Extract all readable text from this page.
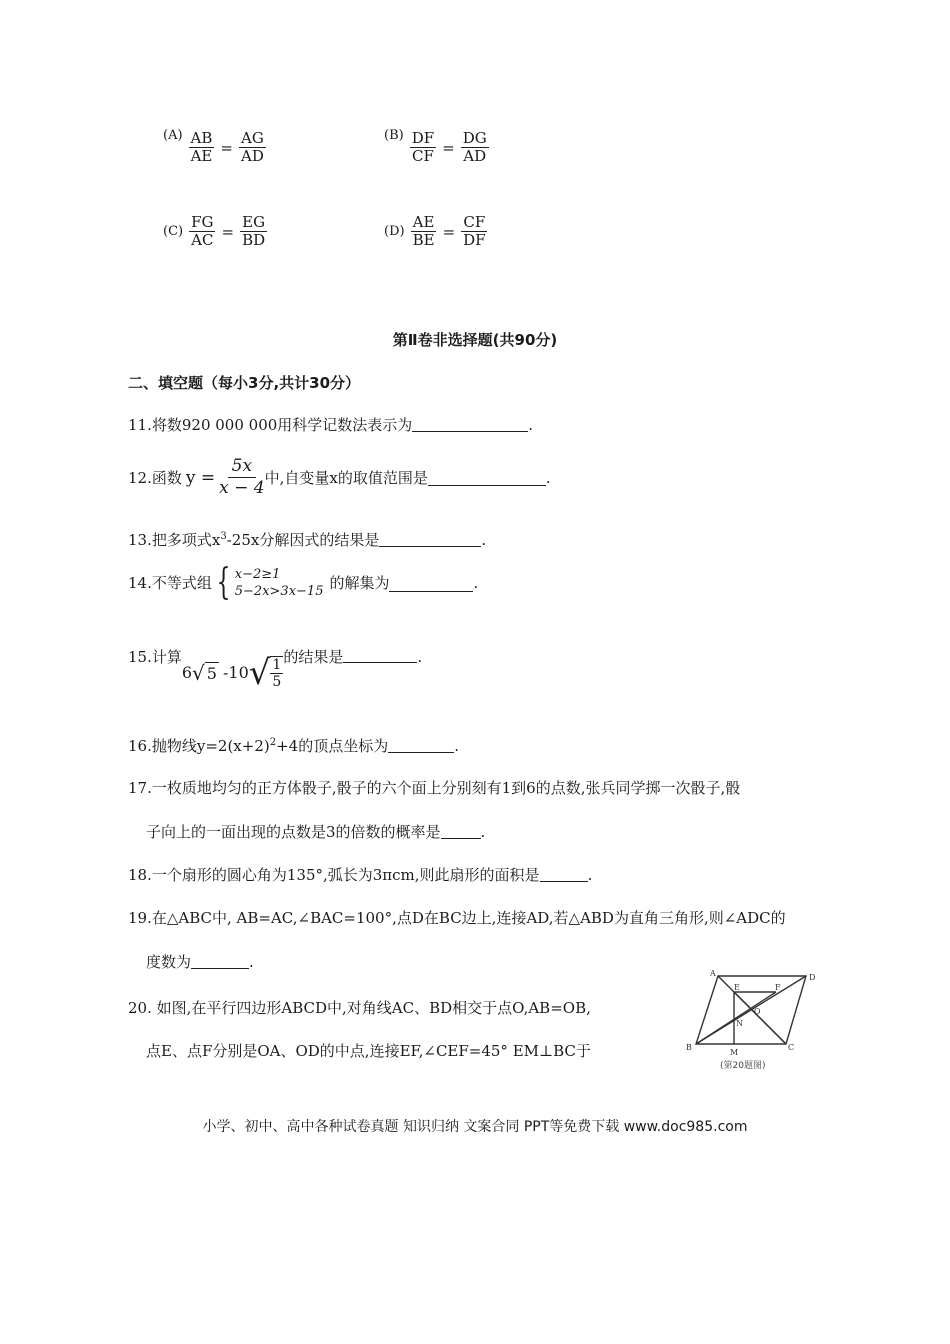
$(A) \frac{AB}{AE} = \frac{AG}{AD}$	$(B) \frac{DF}{CF} = \frac{DG}{AD}$
$(C) \frac{FG}{AC} = \frac{EG}{BD}$	$(D) \frac{AE}{BE} = \frac{CF}{DF}$
第Ⅱ卷非选择题(共90分)
二、填空题（每小3分,共计30分）
11.将数920 000 000用科学记数法表示为	.
12.函数 $y = \frac{5x}{x - 4}$ 中,自变量x的取值范围是	.
13.把多项式$x^3-25x$分解因式的结果是	.
14.不等式组 { x−2≥1
5−2x>3x−15 的解集为	.
15.计算
6 √ 5 -10 √ $\frac{1}{5}$ 的结果是	.
16.抛物线$y=2(x+2)^2+4$的顶点坐标为	.
17.一枚质地均匀的正方体骰子,骰子的六个面上分别刻有1到6的点数,张兵同学掷一次骰子,骰
子向上的一面出现的点数是3的倍数的概率是	.
18.一个扇形的圆心角为135°,弧长为3πcm,则此扇形的面积是	.
19.在△ABC中, AB=AC,∠BAC=100°,点D在BC边上,连接AD,若△ABD为直角三角形,则∠ADC的
度数为	.
20. 如图,在平行四边形ABCD中,对角线AC、BD相交于点O,AB=OB,
点E、点F分别是OA、OD的中点,连接EF,∠CEF=45° EM⊥BC于
A	D
E	F
O
N
B
M
C
(第20题图)
小学、初中、高中各种试卷真题 知识归纳 文案合同 PPT等免费下载 www.doc985.com
